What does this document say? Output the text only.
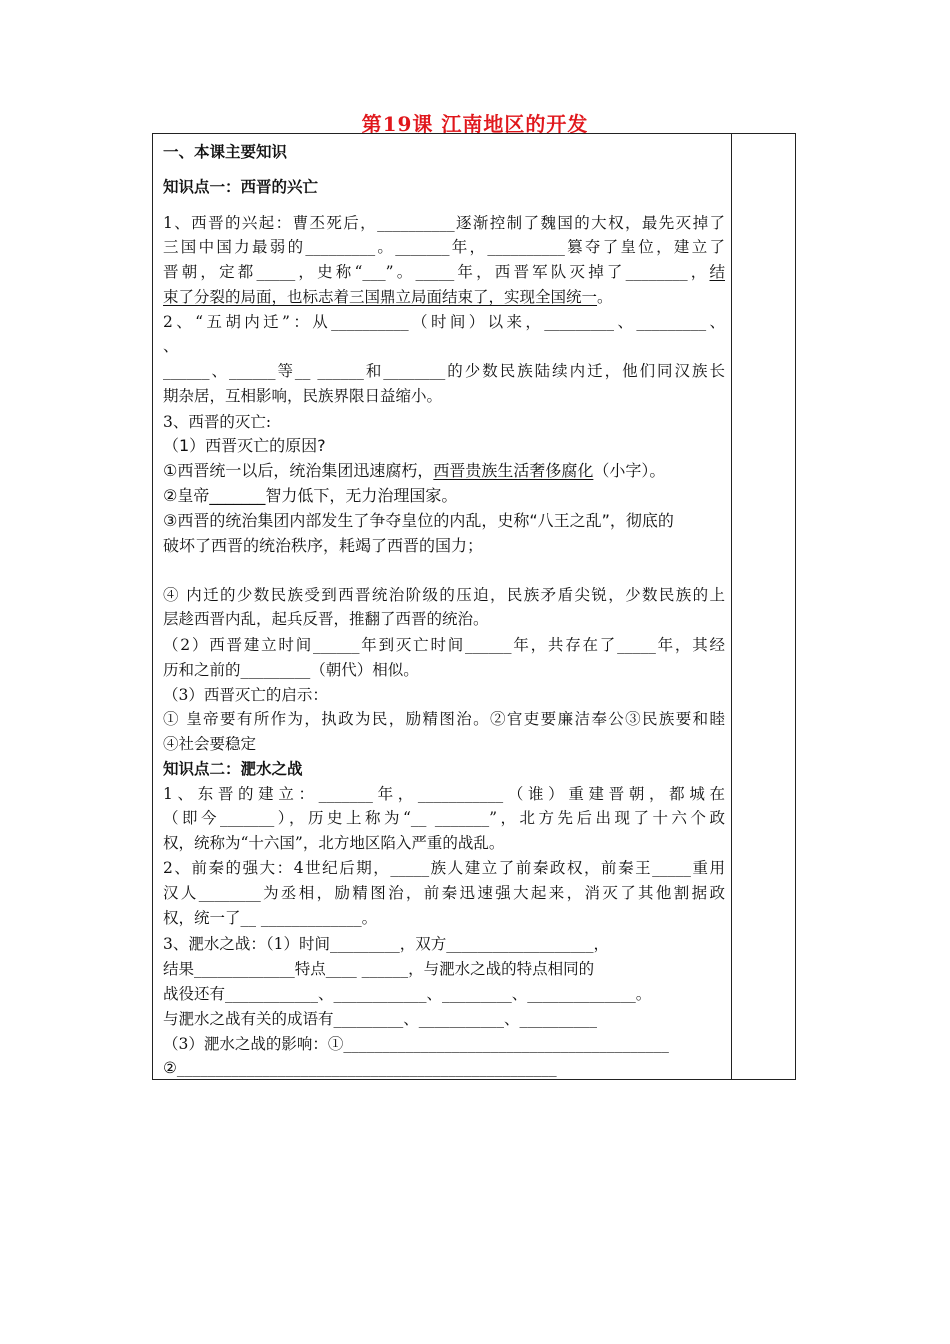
第19课 江南地区的开发
一、本课主要知识
知识点一：西晋的兴亡
1、西晋的兴起：曹丕死后，__________逐渐控制了魏国的大权，最先灭掉了
三国中国力最弱的_________。_______年，__________篡夺了皇位，建立了
晋朝，定都_____，史称“___”。_____年，西晋军队灭掉了________，结
束了分裂的局面，也标志着三国鼎立局面结束了，实现全国统一。
2、“五胡内迁”：从__________（时间）以来，_________、_________、
、
______、______等__ ______和________的少数民族陆续内迁，他们同汉族长
期杂居，互相影响，民族界限日益缩小。
3、西晋的灭亡:
（1）西晋灭亡的原因?
①西晋统一以后，统治集团迅速腐朽，西晋贵族生活奢侈腐化（小字）。
②皇帝_______智力低下，无力治理国家。
③西晋的统治集团内部发生了争夺皇位的内乱，史称“八王之乱”，彻底的
破坏了西晋的统治秩序，耗竭了西晋的国力；
④ 内迁的少数民族受到西晋统治阶级的压迫，民族矛盾尖锐，少数民族的上
层趁西晋内乱，起兵反晋，推翻了西晋的统治。
（2）西晋建立时间______年到灭亡时间______年，共存在了_____年，其经
历和之前的_________（朝代）相似。
（3）西晋灭亡的启示：
① 皇帝要有所作为，执政为民，励精图治。②官吏要廉洁奉公③民族要和睦
④社会要稳定
知识点二：淝水之战
1、东晋的建立：_______年，___________（谁）重建晋朝，都城在
（即今_______），历史上称为“__ _______”，北方先后出现了十六个政
权，统称为“十六国”，北方地区陷入严重的战乱。
2、前秦的强大：4世纪后期，_____族人建立了前秦政权，前秦王_____重用
汉人________为丞相，励精图治，前秦迅速强大起来，消灭了其他割据政
权，统一了__ _____________。
3、淝水之战：（1）时间_________，双方___________________，
结果_____________特点____ ______，与淝水之战的特点相同的
战役还有____________、____________、_________、______________。
与淝水之战有关的成语有_________、___________、__________
（3）淝水之战的影响：①__________________________________________
②_________________________________________________
